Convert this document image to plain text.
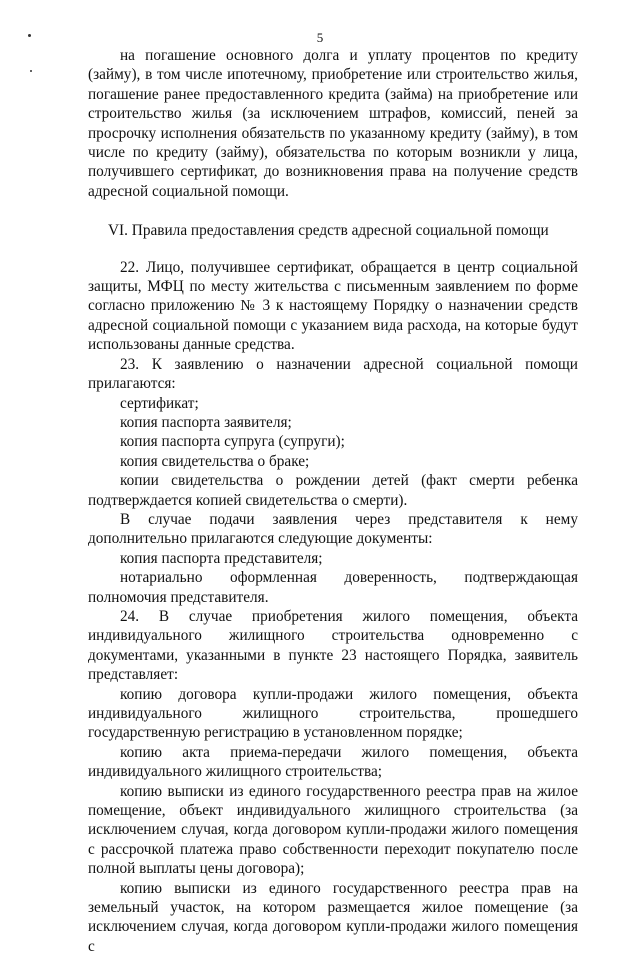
5

на погашение основного долга и уплату процентов по кредиту (займу), в том числе ипотечному, приобретение или строительство жилья, погашение ранее предоставленного кредита (займа) на приобретение или строительство жилья (за исключением штрафов, комиссий, пеней за просрочку исполнения обязательств по указанному кредиту (займу), в том числе по кредиту (займу), обязательства по которым возникли у лица, получившего сертификат, до возникновения права на получение средств адресной социальной помощи.

VI. Правила предоставления средств адресной социальной помощи

22. Лицо, получившее сертификат, обращается в центр социальной защиты, МФЦ по месту жительства с письменным заявлением по форме согласно приложению № 3 к настоящему Порядку о назначении средств адресной социальной помощи с указанием вида расхода, на которые будут использованы данные средства.

23. К заявлению о назначении адресной социальной помощи прилагаются:

сертификат;

копия паспорта заявителя;

копия паспорта супруга (супруги);

копия свидетельства о браке;

копии свидетельства о рождении детей (факт смерти ребенка подтверждается копией свидетельства о смерти).

В случае подачи заявления через представителя к нему дополнительно прилагаются следующие документы:

копия паспорта представителя;

нотариально оформленная доверенность, подтверждающая полномочия представителя.

24. В случае приобретения жилого помещения, объекта индивидуального жилищного строительства одновременно с документами, указанными в пункте 23 настоящего Порядка, заявитель представляет:

копию договора купли-продажи жилого помещения, объекта индивидуального жилищного строительства, прошедшего государственную регистрацию в установленном порядке;

копию акта приема-передачи жилого помещения, объекта индивидуального жилищного строительства;

копию выписки из единого государственного реестра прав на жилое помещение, объект индивидуального жилищного строительства (за исключением случая, когда договором купли-продажи жилого помещения с рассрочкой платежа право собственности переходит покупателю после полной выплаты цены договора);

копию выписки из единого государственного реестра прав на земельный участок, на котором размещается жилое помещение (за исключением случая, когда договором купли-продажи жилого помещения с
